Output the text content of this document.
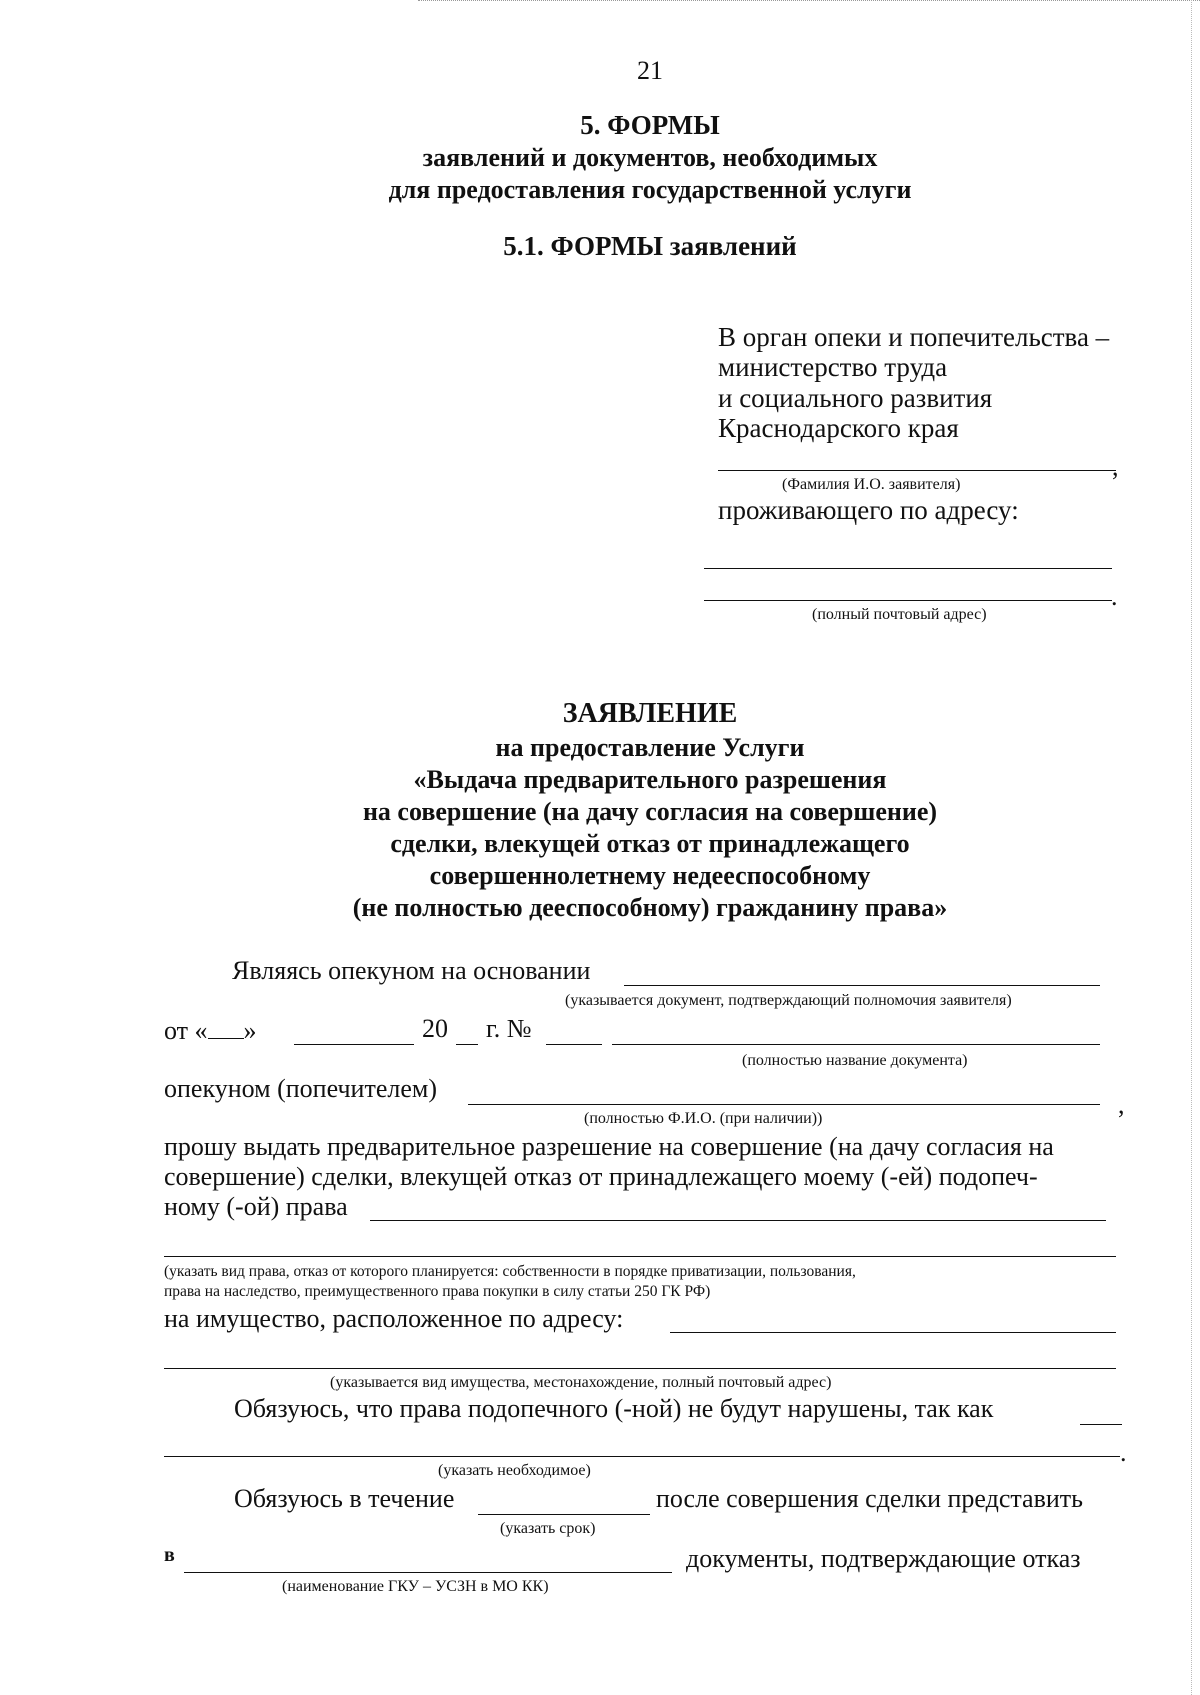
21
5. ФОРМЫ
заявлений и документов, необходимых
для предоставления государственной услуги
5.1. ФОРМЫ заявлений
В орган опеки и попечительства –
министерство труда
и социального развития
Краснодарского края
,
(Фамилия И.О. заявителя)
проживающего по адресу:
.
(полный почтовый адрес)
ЗАЯВЛЕНИЕ
на предоставление Услуги
«Выдача предварительного разрешения
на совершение (на дачу согласия на совершение)
сделки, влекущей отказ от принадлежащего
совершеннолетнему недееспособному
(не полностью дееспособному) гражданину права»
Являясь опекуном на основании
(указывается документ, подтверждающий полномочия заявителя)
от « »	20 г. №
(полностью название документа)
опекуном (попечителем)
,
(полностью Ф.И.О. (при наличии))
прошу выдать предварительное разрешение на совершение (на дачу согласия на
совершение) сделки, влекущей отказ от принадлежащего моему (-ей) подопеч-
ному (-ой) права
(указать вид права, отказ от которого планируется: собственности в порядке приватизации, пользования,
права на наследство, преимущественного права покупки в силу статьи 250 ГК РФ)
на имущество, расположенное по адресу:
(указывается вид имущества, местонахождение, полный почтовый адрес)
Обязуюсь, что права подопечного (-ной) не будут нарушены, так как
.
(указать необходимое)
Обязуюсь в течение	после совершения сделки представить
(указать срок)
в	документы, подтверждающие отказ
(наименование ГКУ – УСЗН в МО КК)
